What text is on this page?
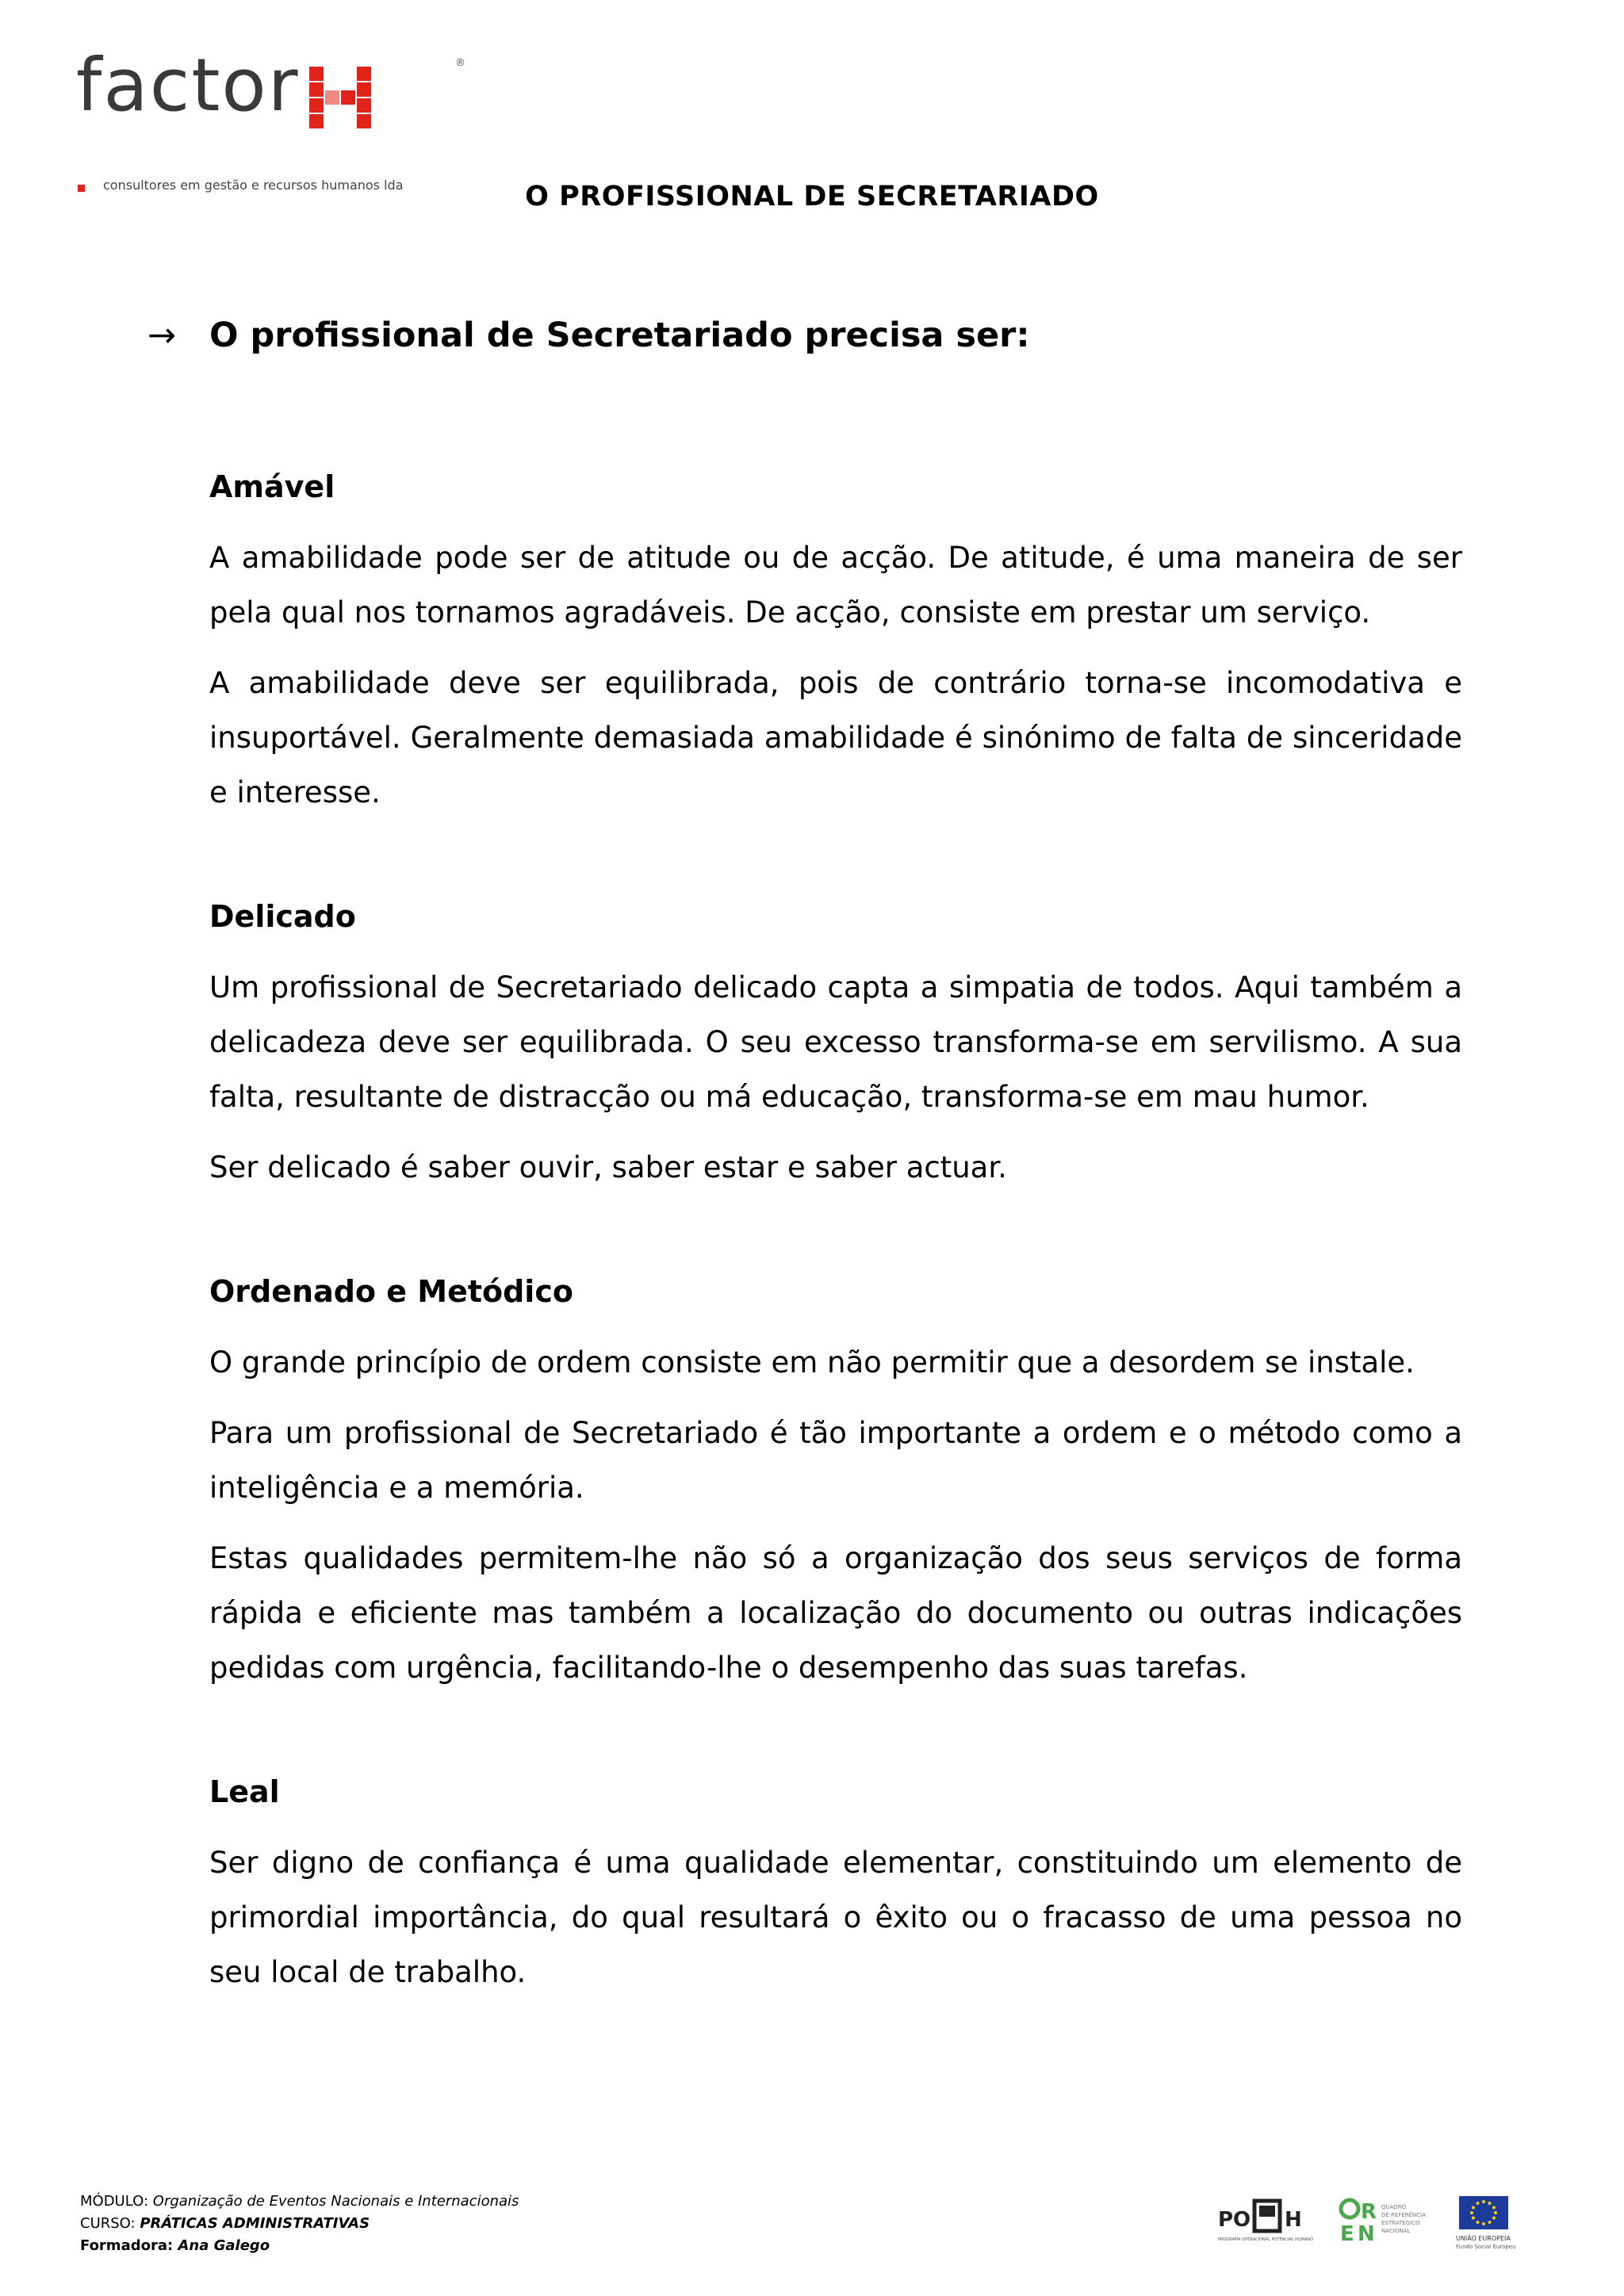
factor	®
consultores em gestão e recursos humanos lda	O PROFISSIONAL DE SECRETARIADO
→ O profissional de Secretariado precisa ser:
Amável

A amabilidade pode ser de atitude ou de acção. De atitude, é uma maneira de ser pela qual nos tornamos agradáveis. De acção, consiste em prestar um serviço.

A amabilidade deve ser equilibrada, pois de contrário torna-se incomodativa e insuportável. Geralmente demasiada amabilidade é sinónimo de falta de sinceridade e interesse.

Delicado

Um profissional de Secretariado delicado capta a simpatia de todos. Aqui também a delicadeza deve ser equilibrada. O seu excesso transforma-se em servilismo. A sua falta, resultante de distracção ou má educação, transforma-se em mau humor.

Ser delicado é saber ouvir, saber estar e saber actuar.

Ordenado e Metódico

O grande princípio de ordem consiste em não permitir que a desordem se instale.

Para um profissional de Secretariado é tão importante a ordem e o método como a inteligência e a memória.

Estas qualidades permitem-lhe não só a organização dos seus serviços de forma rápida e eficiente mas também a localização do documento ou outras indicações pedidas com urgência, facilitando-lhe o desempenho das suas tarefas.

Leal

Ser digno de confiança é uma qualidade elementar, constituindo um elemento de primordial importância, do qual resultará o êxito ou o fracasso de uma pessoa no seu local de trabalho.

MÓDULO: Organização de Eventos Nacionais e Internacionais
CURSO: PRÁTICAS ADMINISTRATIVAS
Formadora: Ana Galego
PO H
PROGRAMA OPERACIONAL POTENCIAL HUMANO
R
E N
QUADRO
DE REFERÊNCIA
ESTRATÉGICO
NACIONAL
UNIÃO EUROPEIA
Fundo Social Europeu
